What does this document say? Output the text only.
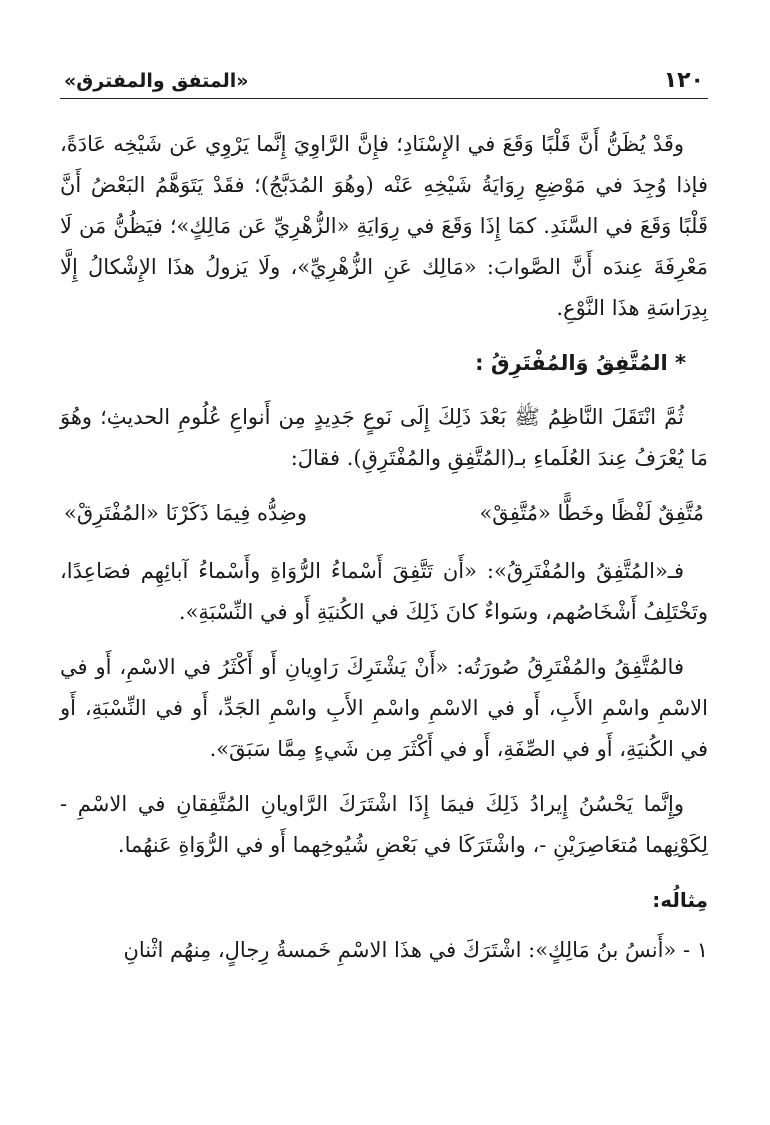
١٢٠
«المتفق والمفترق»

وقَدْ يُظَنُّ أَنَّ قَلْبًا وَقَعَ في الإِسْنَادِ؛ فإِنَّ الرَّاوِيَ إِنَّما يَرْوِي عَن شَيْخِه عَادَةً، فإذا وُجِدَ في مَوْضِعِ رِوَايَةُ شَيْخِهِ عَنْه (وهُوَ المُدَبَّجُ)؛ فقَدْ يَتَوَهَّمُ البَعْضُ أَنَّ قَلْبًا وَقَعَ في السَّنَدِ. كمَا إِذَا وَقَعَ في رِوَايَةِ «الزُّهْرِيِّ عَن مَالِكٍ»؛ فيَظُنُّ مَن لَا مَعْرِفَةَ عِندَه أَنَّ الصَّوابَ: «مَالِك عَنِ الزُّهْرِيِّ»، ولَا يَزولُ هذَا الإِشْكالُ إِلَّا بِدِرَاسَةِ هذَا النَّوْعِ.

* المُتَّفِقُ وَالمُفْتَرِقُ :

ثُمَّ انْتَقَلَ النَّاظِمُ ﷺ بَعْدَ ذَلِكَ إِلَى نَوعٍ جَدِيدٍ مِن أَنواعِ عُلُومِ الحديثِ؛ وهُوَ مَا يُعْرَفُ عِندَ العُلَماءِ بـ(المُتَّفِقِ والمُفْتَرِقِ). فقالَ:

مُتَّفِقٌ لَفْظًا وخَطًّا «مُتَّفِقْ»
وضِدُّه فِيمَا ذَكَرْنَا «المُفْتَرِقْ»

فـ«المُتَّفِقُ والمُفْتَرِقُ»: «أَن تَتَّفِقَ أَسْماءُ الرُّوَاةِ وأَسْماءُ آبائِهِم فصَاعِدًا، وتَخْتَلِفُ أَشْخَاصُهم، وسَواءٌ كانَ ذَلِكَ في الكُنيَةِ أَو في النِّسْبَةِ».

فالمُتَّفِقُ والمُفْتَرِقُ صُورَتُه: «أَنْ يَشْتَرِكَ رَاوِيانِ أَو أَكْثَرُ في الاسْمِ، أَو في الاسْمِ واسْمِ الأَبِ، أَو في الاسْمِ واسْمِ الأَبِ واسْمِ الجَدِّ، أَو في النِّسْبَةِ، أَو في الكُنيَةِ، أَو في الصِّفَةِ، أَو في أَكْثَرَ مِن شَيءٍ مِمَّا سَبَقَ».

وإِنَّما يَحْسُنُ إِيرادُ ذَلِكَ فيمَا إِذَا اشْتَرَكَ الرَّاويانِ المُتَّفِقانِ في الاسْمِ - لِكَوْنِهما مُتعَاصِرَيْنِ -، واشْتَرَكَا في بَعْضِ شُيُوخِهما أَو في الرُّوَاةِ عَنهُما.

مِثالُه:

١ - «أَنسُ بنُ مَالِكٍ»: اشْتَرَكَ في هذَا الاسْمِ خَمسةُ رِجالٍ، مِنهُم اثْنانِ
